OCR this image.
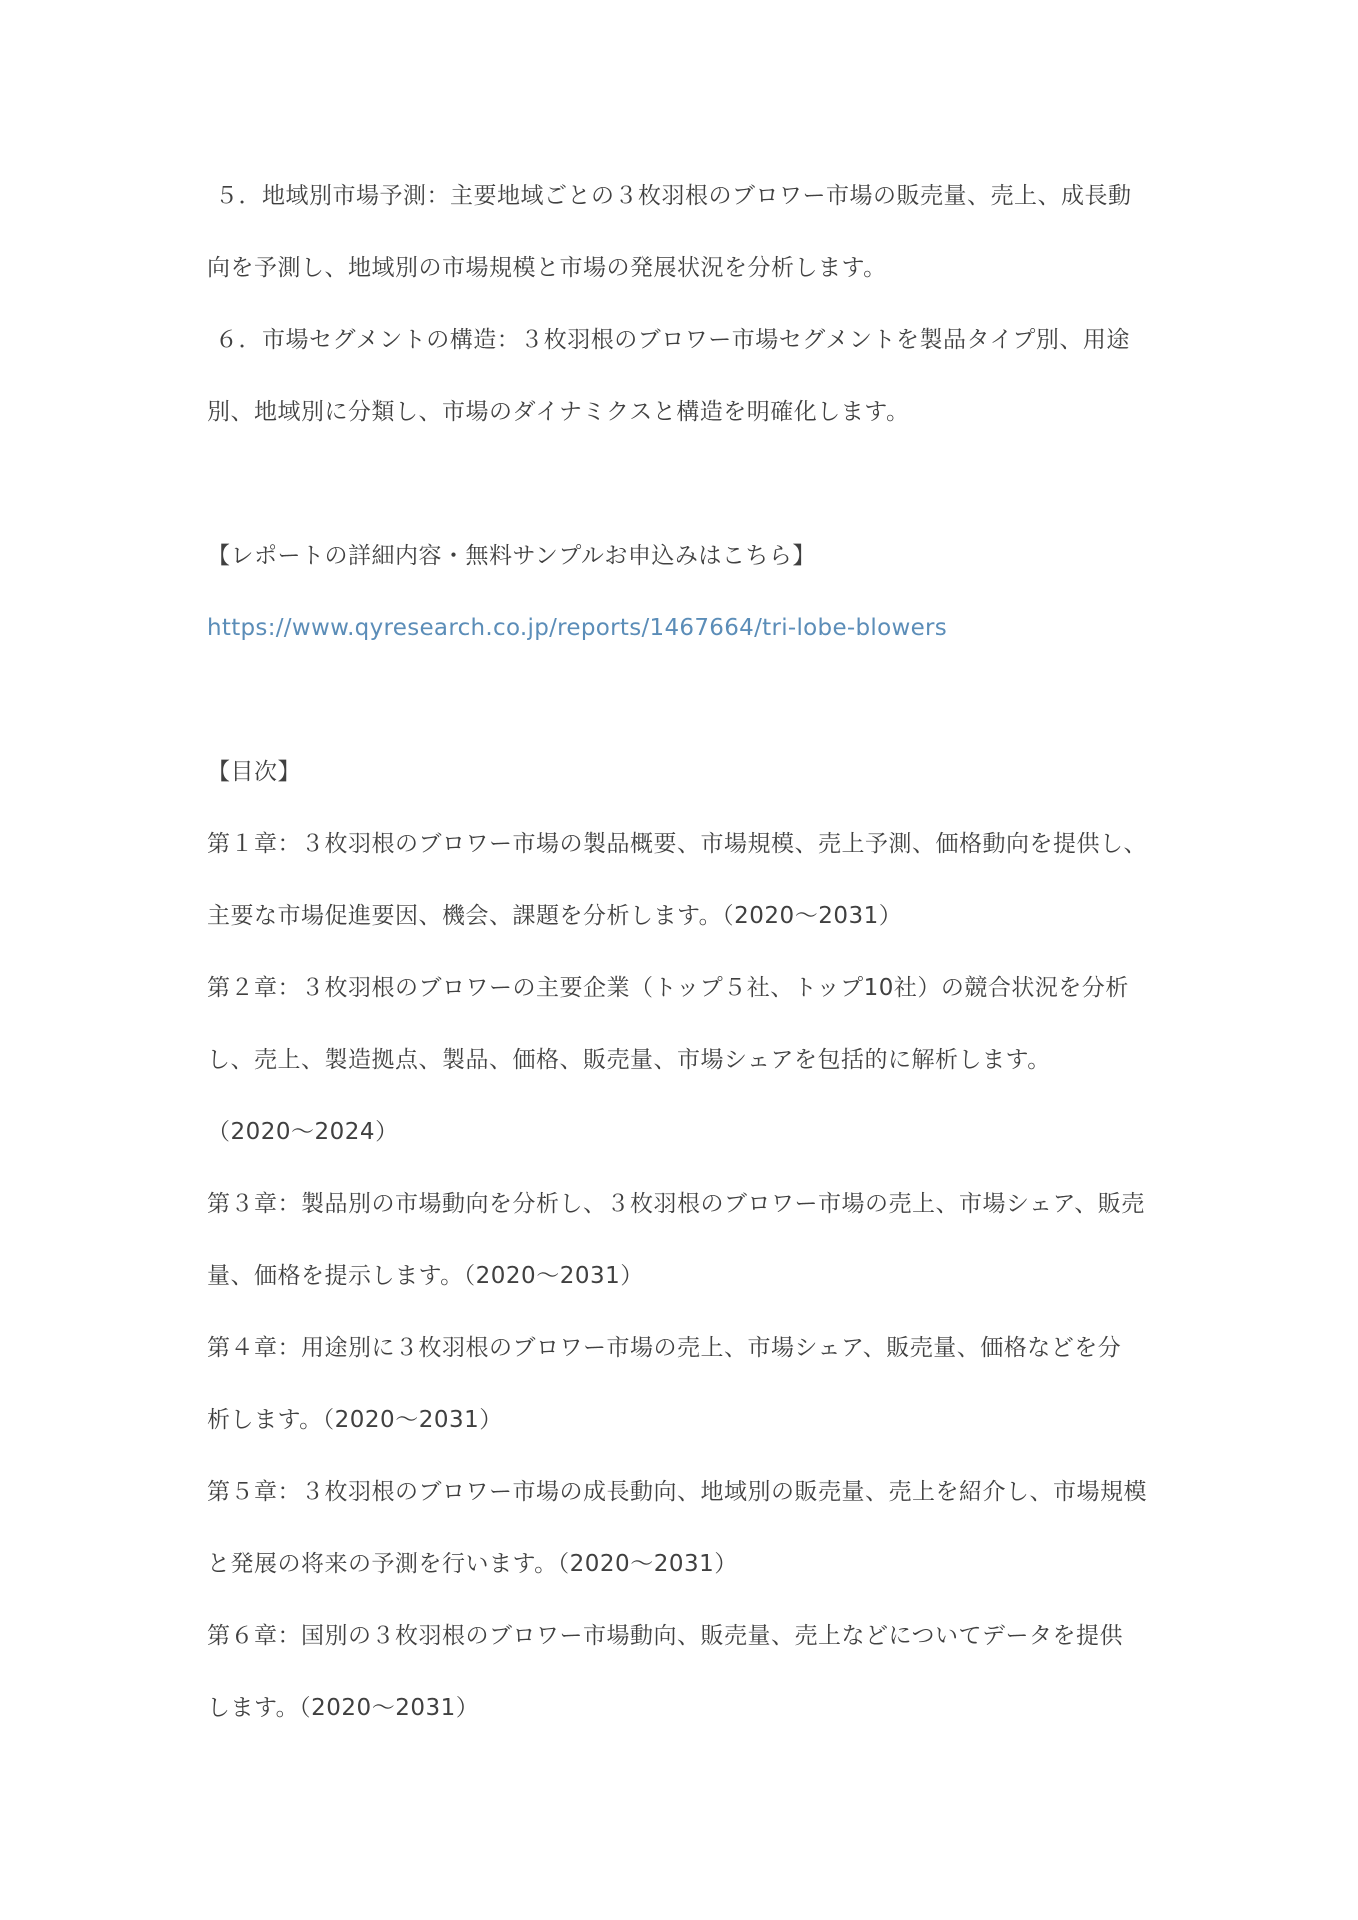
５．地域別市場予測：主要地域ごとの３枚羽根のブロワー市場の販売量、売上、成長動
向を予測し、地域別の市場規模と市場の発展状況を分析します。
６．市場セグメントの構造：３枚羽根のブロワー市場セグメントを製品タイプ別、用途
別、地域別に分類し、市場のダイナミクスと構造を明確化します。
【レポートの詳細内容・無料サンプルお申込みはこちら】
https://www.qyresearch.co.jp/reports/1467664/tri-lobe-blowers
【目次】
第１章：３枚羽根のブロワー市場の製品概要、市場規模、売上予測、価格動向を提供し、
主要な市場促進要因、機会、課題を分析します。（2020～2031）
第２章：３枚羽根のブロワーの主要企業（トップ５社、トップ10社）の競合状況を分析
し、売上、製造拠点、製品、価格、販売量、市場シェアを包括的に解析します。
（2020～2024）
第３章：製品別の市場動向を分析し、３枚羽根のブロワー市場の売上、市場シェア、販売
量、価格を提示します。（2020～2031）
第４章：用途別に３枚羽根のブロワー市場の売上、市場シェア、販売量、価格などを分
析します。（2020～2031）
第５章：３枚羽根のブロワー市場の成長動向、地域別の販売量、売上を紹介し、市場規模
と発展の将来の予測を行います。（2020～2031）
第６章：国別の３枚羽根のブロワー市場動向、販売量、売上などについてデータを提供
します。（2020～2031）
